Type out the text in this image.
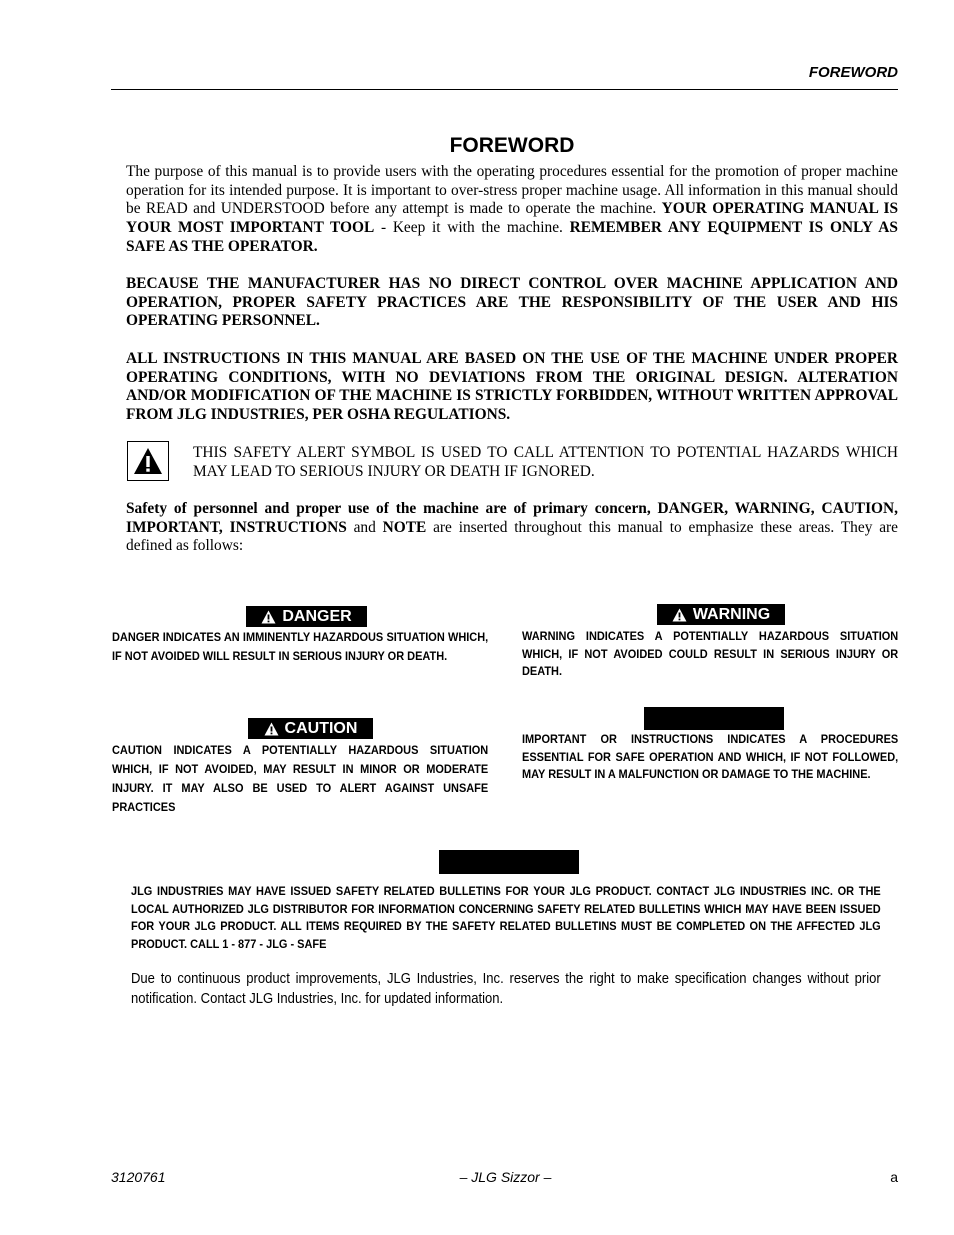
FOREWORD
FOREWORD

The purpose of this manual is to provide users with the operating procedures essential for the promotion of proper machine operation for its intended purpose. It is important to over-stress proper machine usage. All information in this manual should be READ and UNDERSTOOD before any attempt is made to operate the machine. YOUR OPERATING MANUAL IS YOUR MOST IMPORTANT TOOL - Keep it with the machine. REMEMBER ANY EQUIPMENT IS ONLY AS SAFE AS THE OPERATOR.

BECAUSE THE MANUFACTURER HAS NO DIRECT CONTROL OVER MACHINE APPLICATION AND OPERATION, PROPER SAFETY PRACTICES ARE THE RESPONSIBILITY OF THE USER AND HIS OPERATING PERSONNEL.

ALL INSTRUCTIONS IN THIS MANUAL ARE BASED ON THE USE OF THE MACHINE UNDER PROPER OPERATING CONDITIONS, WITH NO DEVIATIONS FROM THE ORIGINAL DESIGN. ALTERATION AND/OR MODIFICATION OF THE MACHINE IS STRICTLY FORBIDDEN, WITHOUT WRITTEN APPROVAL FROM JLG INDUSTRIES, PER OSHA REGULATIONS.

THIS SAFETY ALERT SYMBOL IS USED TO CALL ATTENTION TO POTENTIAL HAZARDS WHICH MAY LEAD TO SERIOUS INJURY OR DEATH IF IGNORED.

Safety of personnel and proper use of the machine are of primary concern, DANGER, WARNING, CAUTION, IMPORTANT, INSTRUCTIONS and NOTE are inserted throughout this manual to emphasize these areas. They are defined as follows:

DANGER

DANGER INDICATES AN IMMINENTLY HAZARDOUS SITUATION WHICH, IF NOT AVOIDED WILL RESULT IN SERIOUS INJURY OR DEATH.

WARNING

WARNING INDICATES A POTENTIALLY HAZARDOUS SITUATION WHICH, IF NOT AVOIDED COULD RESULT IN SERIOUS INJURY OR DEATH.

CAUTION

CAUTION INDICATES A POTENTIALLY HAZARDOUS SITUATION WHICH, IF NOT AVOIDED, MAY RESULT IN MINOR OR MODERATE INJURY. IT MAY ALSO BE USED TO ALERT AGAINST UNSAFE PRACTICES

IMPORTANT OR INSTRUCTIONS INDICATES A PROCEDURES ESSENTIAL FOR SAFE OPERATION AND WHICH, IF NOT FOLLOWED, MAY RESULT IN A MALFUNCTION OR DAMAGE TO THE MACHINE.

JLG INDUSTRIES MAY HAVE ISSUED SAFETY RELATED BULLETINS FOR YOUR JLG PRODUCT. CONTACT JLG INDUSTRIES INC. OR THE LOCAL AUTHORIZED JLG DISTRIBUTOR FOR INFORMATION CONCERNING SAFETY RELATED BULLETINS WHICH MAY HAVE BEEN ISSUED FOR YOUR JLG PRODUCT. ALL ITEMS REQUIRED BY THE SAFETY RELATED BULLETINS MUST BE COMPLETED ON THE AFFECTED JLG PRODUCT. CALL 1 - 877 - JLG - SAFE

Due to continuous product improvements, JLG Industries, Inc. reserves the right to make specification changes without prior notification. Contact JLG Industries, Inc. for updated information.

3120761	– JLG Sizzor –	a
